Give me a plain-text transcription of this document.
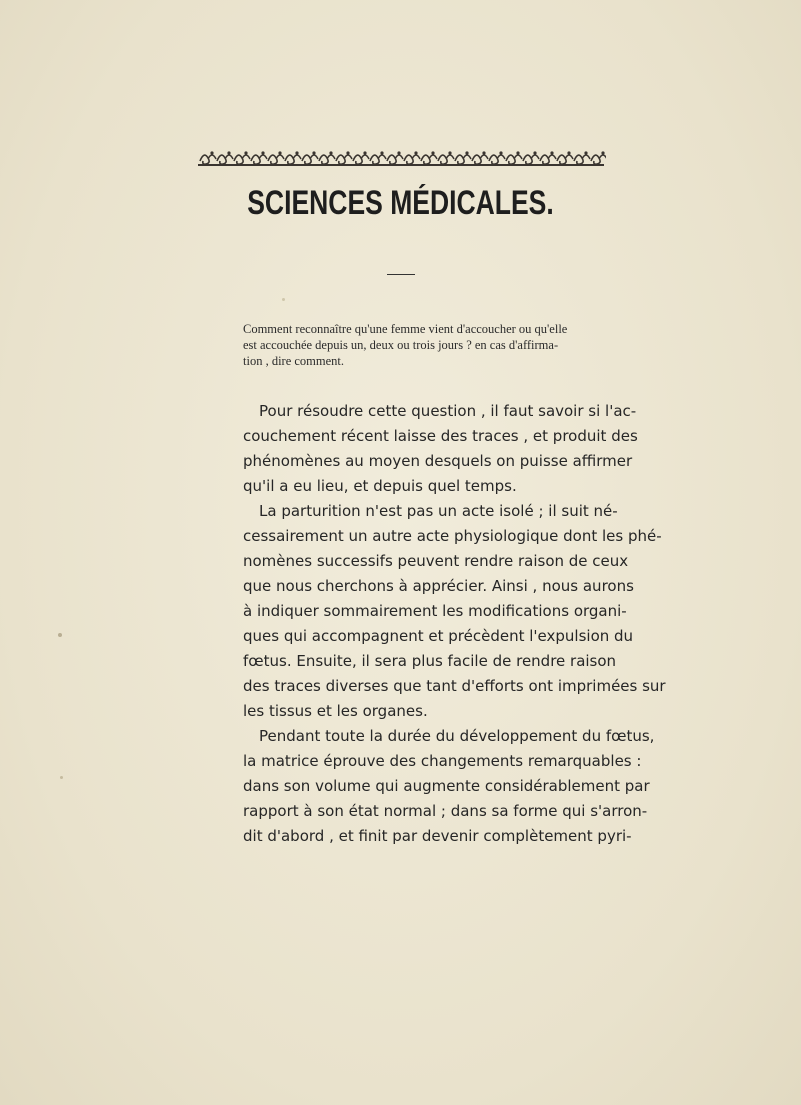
SCIENCES MÉDICALES.
Comment reconnaître qu'une femme vient d'accoucher ou qu'elle
est accouchée depuis un, deux ou trois jours ? en cas d'affirma-
tion , dire comment.
Pour résoudre cette question , il faut savoir si l'ac-
couchement récent laisse des traces , et produit des
phénomènes au moyen desquels on puisse affirmer
qu'il a eu lieu, et depuis quel temps.
La parturition n'est pas un acte isolé ; il suit né-
cessairement un autre acte physiologique dont les phé-
nomènes successifs peuvent rendre raison de ceux
que nous cherchons à apprécier. Ainsi , nous aurons
à indiquer sommairement les modifications organi-
ques qui accompagnent et précèdent l'expulsion du
fœtus. Ensuite, il sera plus facile de rendre raison
des traces diverses que tant d'efforts ont imprimées sur
les tissus et les organes.
Pendant toute la durée du développement du fœtus,
la matrice éprouve des changements remarquables :
dans son volume qui augmente considérablement par
rapport à son état normal ; dans sa forme qui s'arron-
dit d'abord , et finit par devenir complètement pyri-
